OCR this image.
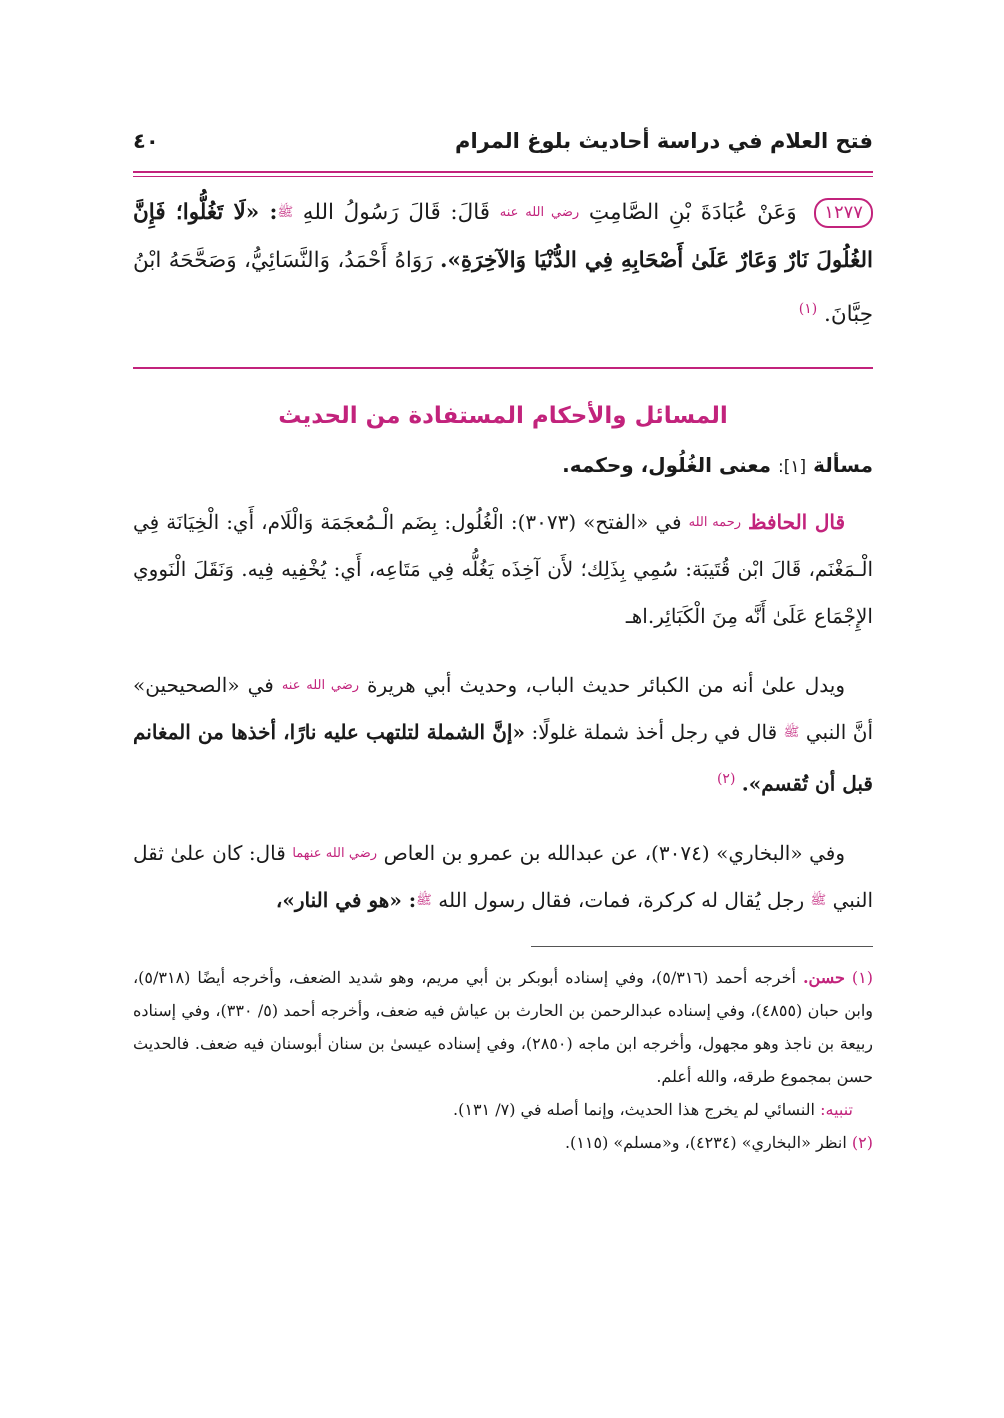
فتح العلام في دراسة أحاديث بلوغ المرام
٤٠
١٢٧٧ وَعَنْ عُبَادَةَ بْنِ الصَّامِتِ $^{رضي الله عنه}$ قَالَ: قَالَ رَسُولُ اللهِ $^ﷺ$: «لَا تَغُلُّوا؛ فَإِنَّ الغُلُولَ نَارٌ وَعَارٌ عَلَىٰ أَصْحَابِهِ فِي الدُّنْيَا وَالآخِرَةِ». رَوَاهُ أَحْمَدُ، وَالنَّسَائِيُّ، وَصَحَّحَهُ ابْنُ حِبَّانَ. $^{(١)}$
المسائل والأحكام المستفادة من الحديث
مسألة [١]: معنى الغُلُول، وحكمه.

قال الحافظ $^{رحمه الله}$ في «الفتح» (٣٠٧٣): الْغُلُول: بِضَم الْـمُعجَمَة وَالْلَام، أَي: الْخِيَانَة فِي الْـمَغْنَم، قَالَ ابْن قُتَيبَة: سُمِي بِذَلِك؛ لأَن آخِذَه يَغُلُّه فِي مَتَاعِه، أَي: يُخْفِيه فِيه. وَنَقَلَ الْنَووي الإِجْمَاع عَلَىٰ أَنَّه مِنَ الْكَبَائِر.اهـ

ويدل علىٰ أنه من الكبائر حديث الباب، وحديث أبي هريرة $^{رضي الله عنه}$ في «الصحيحين» أنَّ النبي $^ﷺ$ قال في رجل أخذ شملة غلولًا: «إنَّ الشملة لتلتهب عليه نارًا، أخذها من المغانم قبل أن تُقسم». $^{(٢)}$

وفي «البخاري» (٣٠٧٤)، عن عبدالله بن عمرو بن العاص $^{رضي الله عنهما}$ قال: كان علىٰ ثقل النبي $^ﷺ$ رجل يُقال له كركرة، فمات، فقال رسول الله $^ﷺ$: «هو في النار»،

(١) حسن. أخرجه أحمد (٥/٣١٦)، وفي إسناده أبوبكر بن أبي مريم، وهو شديد الضعف، وأخرجه أيضًا (٥/٣١٨)، وابن حبان (٤٨٥٥)، وفي إسناده عبدالرحمن بن الحارث بن عياش فيه ضعف، وأخرجه أحمد (٥/ ٣٣٠)، وفي إسناده ربيعة بن ناجذ وهو مجهول، وأخرجه ابن ماجه (٢٨٥٠)، وفي إسناده عيسىٰ بن سنان أبوسنان فيه ضعف. فالحديث حسن بمجموع طرقه، والله أعلم.
تنبيه: النسائي لم يخرج هذا الحديث، وإنما أصله في (٧/ ١٣١).
(٢) انظر «البخاري» (٤٢٣٤)، و«مسلم» (١١٥).
